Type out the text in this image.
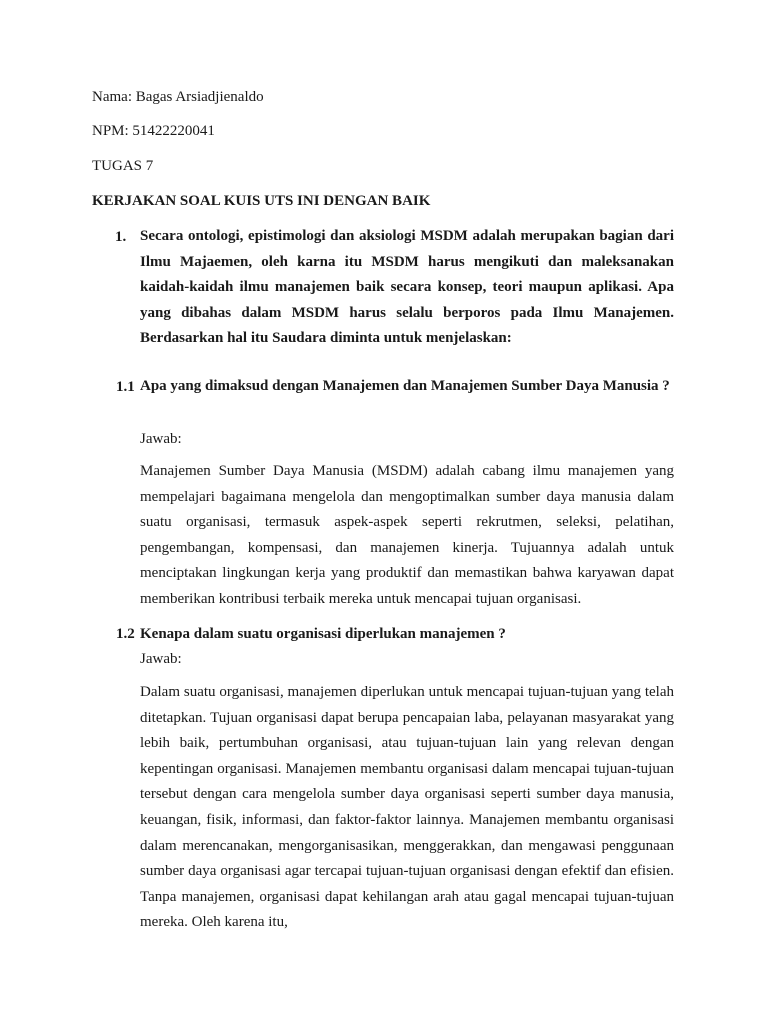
Nama: Bagas Arsiadjienaldo
NPM: 51422220041
TUGAS 7
KERJAKAN SOAL KUIS UTS INI DENGAN BAIK
1. Secara ontologi, epistimologi dan aksiologi MSDM adalah merupakan bagian dari Ilmu Majaemen, oleh karna itu MSDM harus mengikuti dan maleksanakan kaidah-kaidah ilmu manajemen baik secara konsep, teori maupun aplikasi. Apa yang dibahas dalam MSDM harus selalu berporos pada Ilmu Manajemen. Berdasarkan hal itu Saudara diminta untuk menjelaskan:
1.1 Apa yang dimaksud dengan Manajemen dan Manajemen Sumber Daya Manusia ?
Jawab:
Manajemen Sumber Daya Manusia (MSDM) adalah cabang ilmu manajemen yang mempelajari bagaimana mengelola dan mengoptimalkan sumber daya manusia dalam suatu organisasi, termasuk aspek-aspek seperti rekrutmen, seleksi, pelatihan, pengembangan, kompensasi, dan manajemen kinerja. Tujuannya adalah untuk menciptakan lingkungan kerja yang produktif dan memastikan bahwa karyawan dapat memberikan kontribusi terbaik mereka untuk mencapai tujuan organisasi.
1.2 Kenapa dalam suatu organisasi diperlukan manajemen ?
Jawab:
Dalam suatu organisasi, manajemen diperlukan untuk mencapai tujuan-tujuan yang telah ditetapkan. Tujuan organisasi dapat berupa pencapaian laba, pelayanan masyarakat yang lebih baik, pertumbuhan organisasi, atau tujuan-tujuan lain yang relevan dengan kepentingan organisasi. Manajemen membantu organisasi dalam mencapai tujuan-tujuan tersebut dengan cara mengelola sumber daya organisasi seperti sumber daya manusia, keuangan, fisik, informasi, dan faktor-faktor lainnya. Manajemen membantu organisasi dalam merencanakan, mengorganisasikan, menggerakkan, dan mengawasi penggunaan sumber daya organisasi agar tercapai tujuan-tujuan organisasi dengan efektif dan efisien. Tanpa manajemen, organisasi dapat kehilangan arah atau gagal mencapai tujuan-tujuan mereka. Oleh karena itu,
